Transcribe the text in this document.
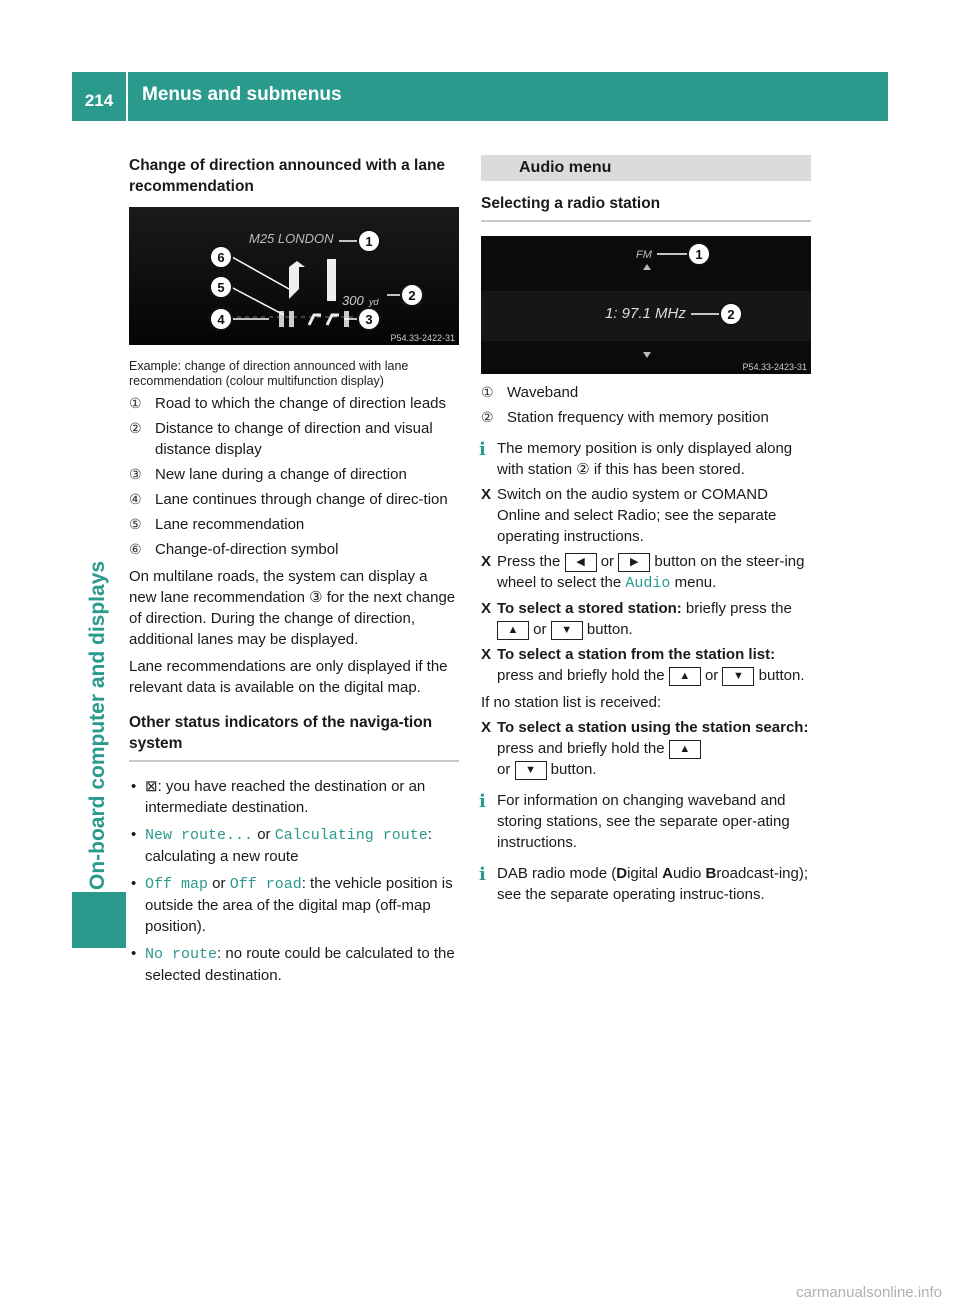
214	Menus and submenus
On-board computer and displays
Change of direction announced with a lane recommendation
M25 LONDON
300 yd
1
2
3
4
5
6
P54.33-2422-31
Example: change of direction announced with lane recommendation (colour multifunction display)
① Road to which the change of direction leads
② Distance to change of direction and visual distance display
③ New lane during a change of direction
④ Lane continues through change of direc-tion
⑤ Lane recommendation
⑥ Change-of-direction symbol
On multilane roads, the system can display a new lane recommendation ③ for the next change of direction. During the change of direction, additional lanes may be displayed.
Lane recommendations are only displayed if the relevant data is available on the digital map.
Other status indicators of the naviga-tion system
• ⊠: you have reached the destination or an intermediate destination.
• New route... or Calculating route: calculating a new route
• Off map or Off road: the vehicle position is outside the area of the digital map (off-map position).
• No route: no route could be calculated to the selected destination.
Audio menu
Selecting a radio station
FM
1: 97.1 MHz
1
2
P54.33-2423-31
① Waveband
② Station frequency with memory position
i The memory position is only displayed along with station ② if this has been stored.
X Switch on the audio system or COMAND Online and select Radio; see the separate operating instructions.
X Press the ◀ or ▶ button on the steer-ing wheel to select the Audio menu.
X To select a stored station: briefly press the ▲ or ▼ button.
X To select a station from the station list: press and briefly hold the ▲ or ▼ button.
If no station list is received:
X To select a station using the station search: press and briefly hold the ▲
or ▼ button.
i For information on changing waveband and storing stations, see the separate oper-ating instructions.
i DAB radio mode (Digital Audio Broadcast-ing); see the separate operating instruc-tions.
carmanualsonline.info
